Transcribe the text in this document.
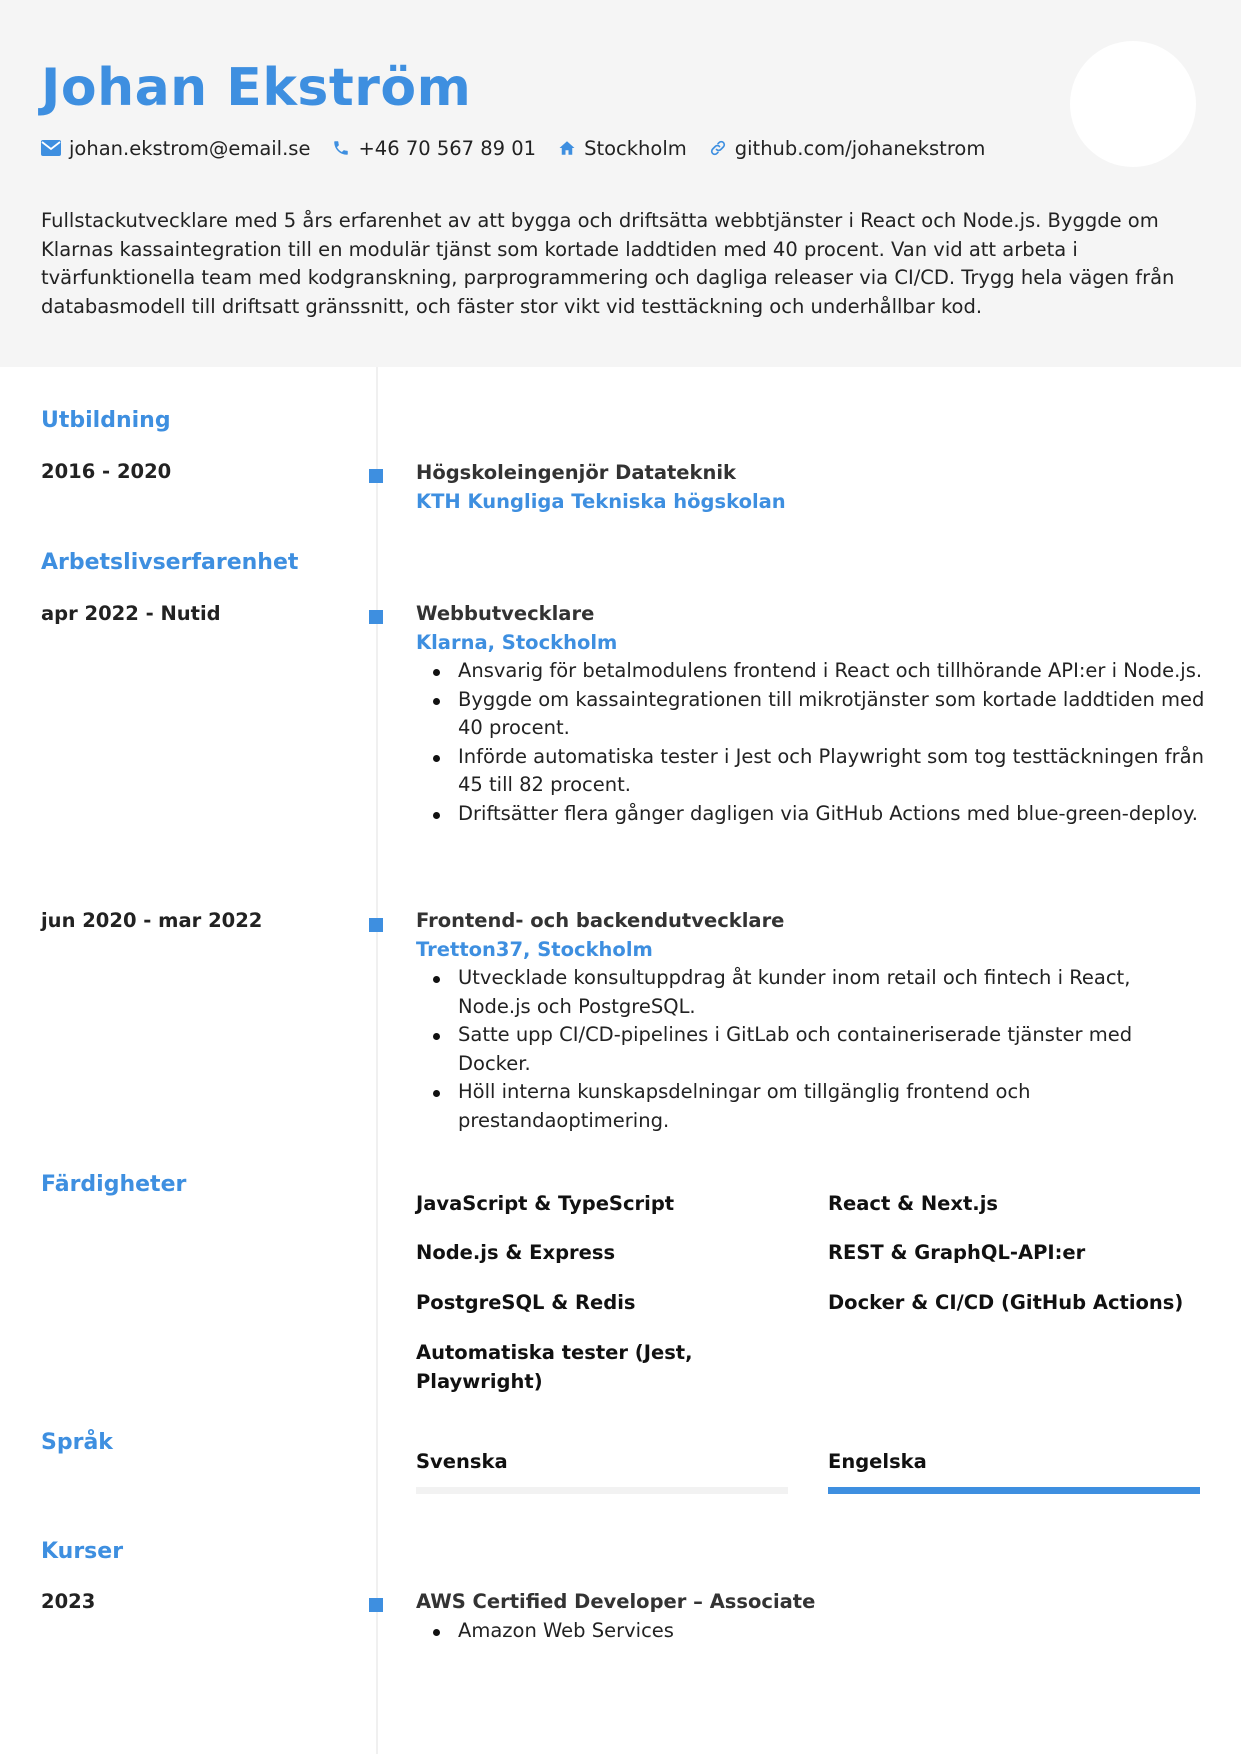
Johan Ekström
johan.ekstrom@email.se +46 70 567 89 01 Stockholm github.com/johanekstrom
Fullstackutvecklare med 5 års erfarenhet av att bygga och driftsätta webbtjänster i React och Node.js. Byggde om Klarnas kassaintegration till en modulär tjänst som kortade laddtiden med 40 procent. Van vid att arbeta i tvärfunktionella team med kodgranskning, parprogrammering och dagliga releaser via CI/CD. Trygg hela vägen från databasmodell till driftsatt gränssnitt, och fäster stor vikt vid testtäckning och underhållbar kod.
Utbildning
2016 - 2020	Högskoleingenjör Datateknik
KTH Kungliga Tekniska högskolan
Arbetslivserfarenhet
apr 2022 - Nutid	Webbutvecklare
Klarna, Stockholm
Ansvarig för betalmodulens frontend i React och tillhörande API:er i Node.js.
Byggde om kassaintegrationen till mikrotjänster som kortade laddtiden med 40 procent.
Införde automatiska tester i Jest och Playwright som tog testtäckningen från 45 till 82 procent.
Driftsätter flera gånger dagligen via GitHub Actions med blue-green-deploy.
jun 2020 - mar 2022	Frontend- och backendutvecklare
Tretton37, Stockholm
Utvecklade konsultuppdrag åt kunder inom retail och fintech i React, Node.js och PostgreSQL.
Satte upp CI/CD-pipelines i GitLab och containeriserade tjänster med Docker.
Höll interna kunskapsdelningar om tillgänglig frontend och prestandaoptimering.
Färdigheter
JavaScript & TypeScript	React & Next.js
Node.js & Express	REST & GraphQL-API:er
PostgreSQL & Redis	Docker & CI/CD (GitHub Actions)
Automatiska tester (Jest, Playwright)
Språk
Svenska	Engelska
Kurser
2023	AWS Certified Developer – Associate
Amazon Web Services
